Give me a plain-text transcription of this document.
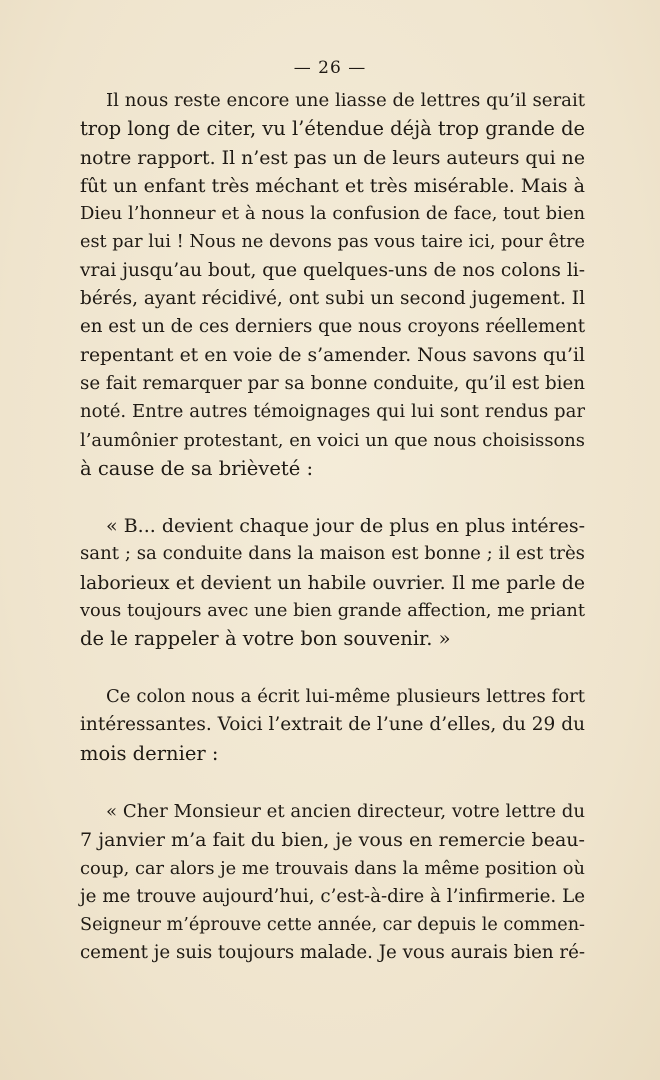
— 26 —
Il nous reste encore une liasse de lettres qu’il serait
trop long de citer, vu l’étendue déjà trop grande de
notre rapport. Il n’est pas un de leurs auteurs qui ne
fût un enfant très méchant et très misérable. Mais à
Dieu l’honneur et à nous la confusion de face, tout bien
est par lui ! Nous ne devons pas vous taire ici, pour être
vrai jusqu’au bout, que quelques-uns de nos colons li-
bérés, ayant récidivé, ont subi un second jugement. Il
en est un de ces derniers que nous croyons réellement
repentant et en voie de s’amender. Nous savons qu’il
se fait remarquer par sa bonne conduite, qu’il est bien
noté. Entre autres témoignages qui lui sont rendus par
l’aumônier protestant, en voici un que nous choisissons
à cause de sa brièveté :
« B... devient chaque jour de plus en plus intéres-
sant ; sa conduite dans la maison est bonne ; il est très
laborieux et devient un habile ouvrier. Il me parle de
vous toujours avec une bien grande affection, me priant
de le rappeler à votre bon souvenir. »
Ce colon nous a écrit lui-même plusieurs lettres fort
intéressantes. Voici l’extrait de l’une d’elles, du 29 du
mois dernier :
« Cher Monsieur et ancien directeur, votre lettre du
7 janvier m’a fait du bien, je vous en remercie beau-
coup, car alors je me trouvais dans la même position où
je me trouve aujourd’hui, c’est-à-dire à l’infirmerie. Le
Seigneur m’éprouve cette année, car depuis le commen-
cement je suis toujours malade. Je vous aurais bien ré-
